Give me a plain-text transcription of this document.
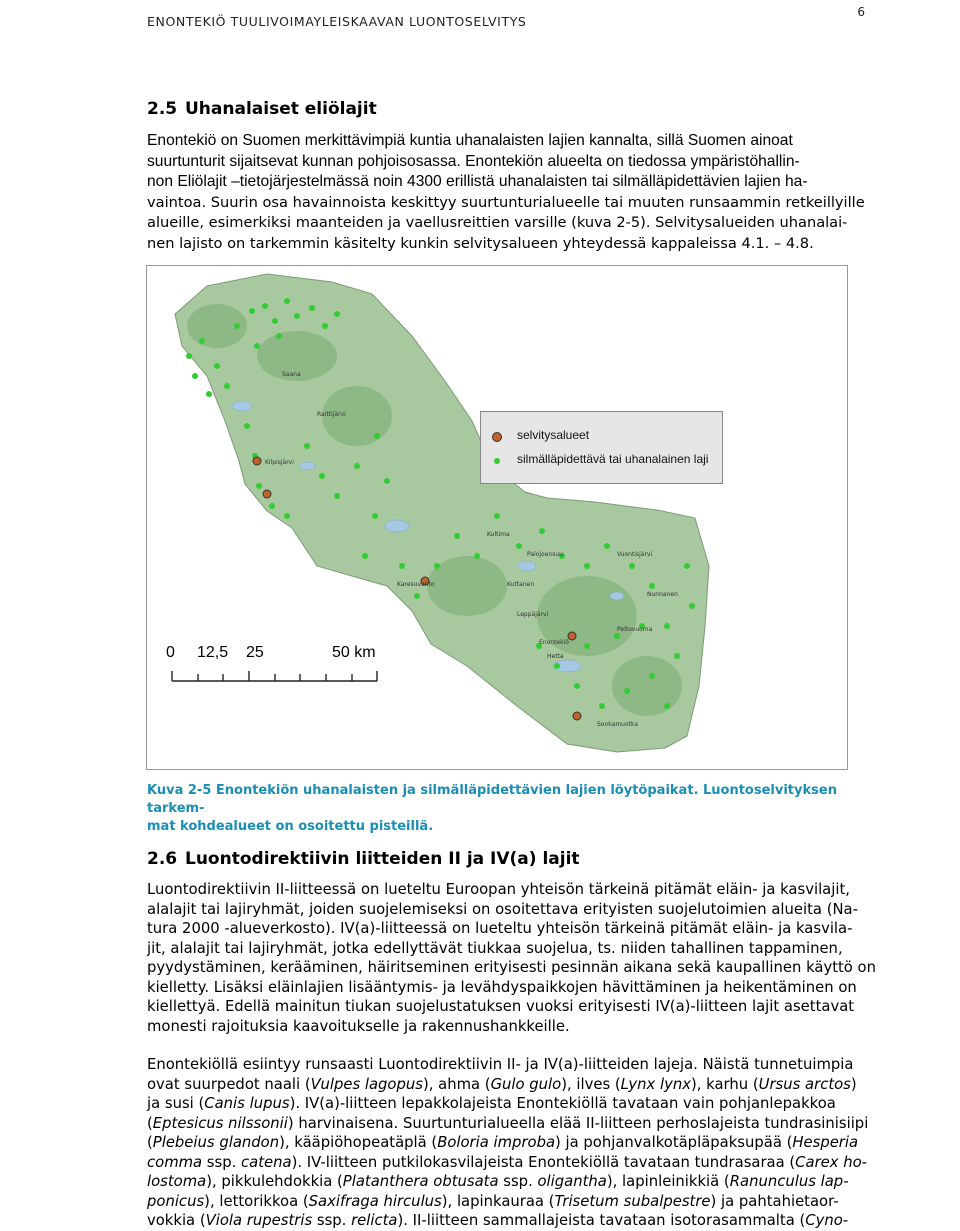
ENONTEKIÖ TUULIVOIMAYLEISKAAVAN LUONTOSELVITYS
6
2.5 Uhanalaiset eliölajit
Enontekiö on Suomen merkittävimpiä kuntia uhanalaisten lajien kannalta, sillä Suomen ainoat
suurtunturit sijaitsevat kunnan pohjoisosassa. Enontekiön alueelta on tiedossa ympäristöhallin-
non Eliölajit –tietojärjestelmässä noin 4300 erillistä uhanalaisten tai silmälläpidettävien lajien ha-
vaintoa. Suurin osa havainnoista keskittyy suurtunturialueelle tai muuten runsaammin retkeillyille
alueille, esimerkiksi maanteiden ja vaellusreittien varsille (kuva 2-5). Selvitysalueiden uhanalai-
nen lajisto on tarkemmin käsitelty kunkin selvitysalueen yhteydessä kappaleissa 4.1. – 4.8.
Kilpisjärvi
Saana
Karesuvanto
Enontekiö
Hetta
Palojoensuu
Leppäjärvi
Vuontisjärvi
Peltovuoma
Nunnanen
Kultima
Raittijärvi
Kuttanen
Sonkamuotka
selvitysalueet
silmälläpidettävä tai uhanalainen laji
0 12,5 25	50 km
Kuva 2-5 Enontekiön uhanalaisten ja silmälläpidettävien lajien löytöpaikat. Luontoselvityksen tarkem-
mat kohdealueet on osoitettu pisteillä.
2.6 Luontodirektiivin liitteiden II ja IV(a) lajit
Luontodirektiivin II-liitteessä on lueteltu Euroopan yhteisön tärkeinä pitämät eläin- ja kasvilajit,
alalajit tai lajiryhmät, joiden suojelemiseksi on osoitettava erityisten suojelutoimien alueita (Na-
tura 2000 -alueverkosto). IV(a)-liitteessä on lueteltu yhteisön tärkeinä pitämät eläin- ja kasvila-
jit, alalajit tai lajiryhmät, jotka edellyttävät tiukkaa suojelua, ts. niiden tahallinen tappaminen,
pyydystäminen, kerääminen, häiritseminen erityisesti pesinnän aikana sekä kaupallinen käyttö on
kielletty. Lisäksi eläinlajien lisääntymis- ja levähdyspaikkojen hävittäminen ja heikentäminen on
kiellettyä. Edellä mainitun tiukan suojelustatuksen vuoksi erityisesti IV(a)-liitteen lajit asettavat
monesti rajoituksia kaavoitukselle ja rakennushankkeille.
Enontekiöllä esiintyy runsaasti Luontodirektiivin II- ja IV(a)-liitteiden lajeja. Näistä tunnetuimpia
ovat suurpedot naali (Vulpes lagopus), ahma (Gulo gulo), ilves (Lynx lynx), karhu (Ursus arctos)
ja susi (Canis lupus). IV(a)-liitteen lepakkolajeista Enontekiöllä tavataan vain pohjanlepakkoa
(Eptesicus nilssonii) harvinaisena. Suurtunturialueella elää II-liitteen perhoslajeista tundrasinisiipi
(Plebeius glandon), kääpiöhopeatäplä (Boloria improba) ja pohjanvalkotäpläpaksupää (Hesperia
comma ssp. catena). IV-liitteen putkilokasvilajeista Enontekiöllä tavataan tundrasaraa (Carex ho-
lostoma), pikkulehdokkia (Platanthera obtusata ssp. oligantha), lapinleinikkiä (Ranunculus lap-
ponicus), lettorikkoa (Saxifraga hirculus), lapinkauraa (Trisetum subalpestre) ja pahtahietaor-
vokkia (Viola rupestris ssp. relicta). II-liitteen sammallajeista tavataan isotorasammalta (Cyno-
